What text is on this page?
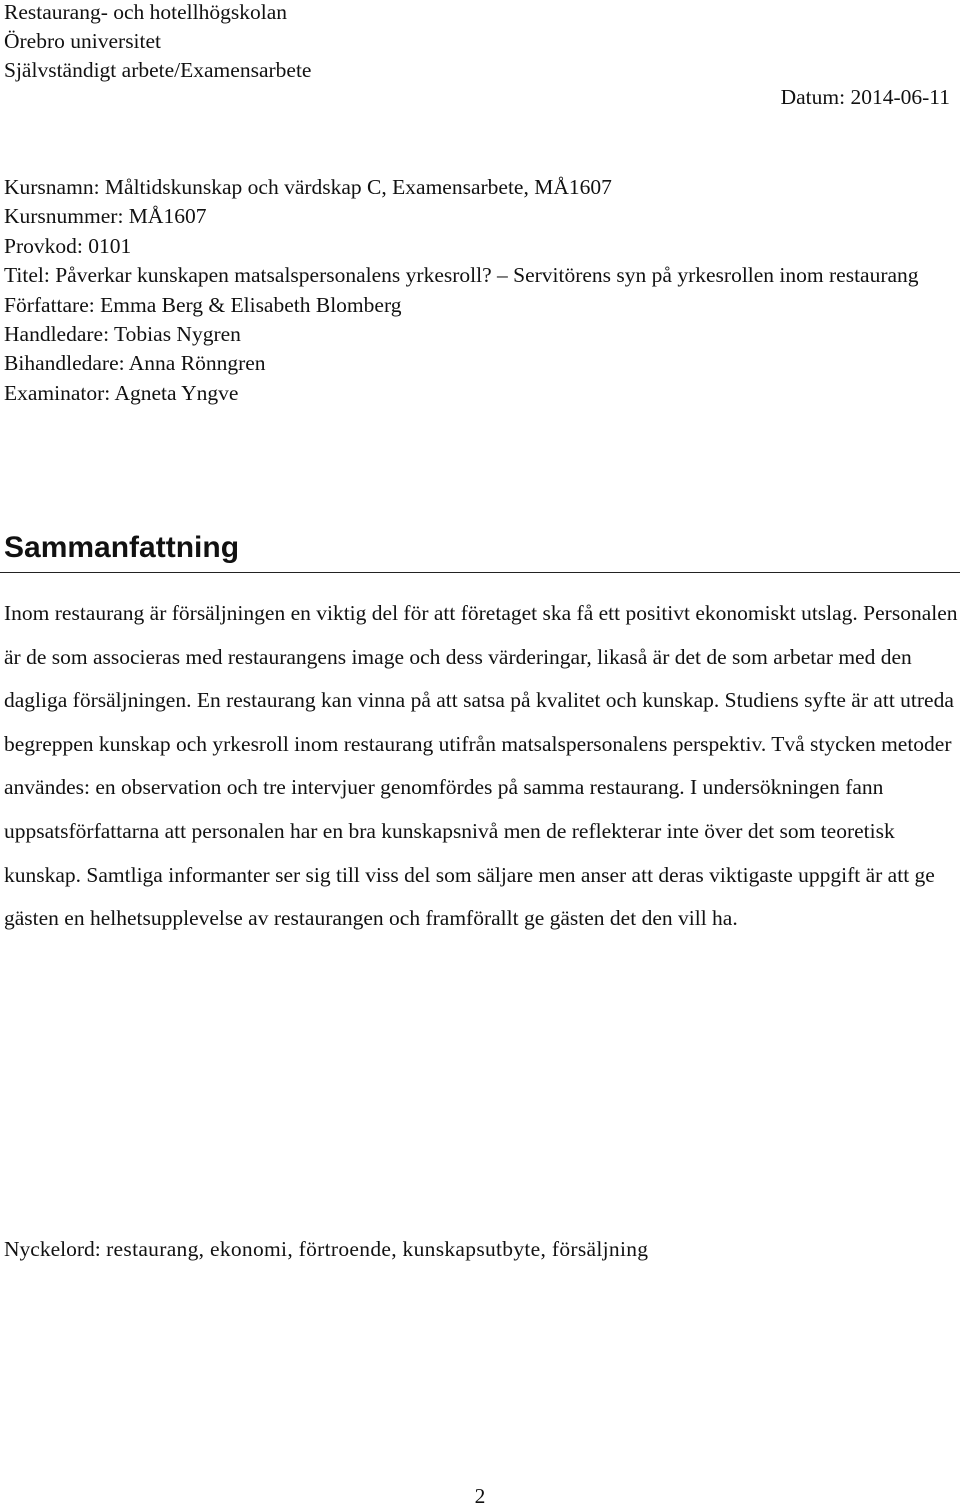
Restaurang- och hotellhögskolan
Örebro universitet
Självständigt arbete/Examensarbete
Datum: 2014-06-11
Kursnamn: Måltidskunskap och värdskap C, Examensarbete, MÅ1607
Kursnummer: MÅ1607
Provkod: 0101
Titel: Påverkar kunskapen matsalspersonalens yrkesroll? – Servitörens syn på yrkesrollen inom restaurang
Författare: Emma Berg & Elisabeth Blomberg
Handledare: Tobias Nygren
Bihandledare: Anna Rönngren
Examinator: Agneta Yngve
Sammanfattning

Inom restaurang är försäljningen en viktig del för att företaget ska få ett positivt ekonomiskt utslag. Personalen är de som associeras med restaurangens image och dess värderingar, likaså är det de som arbetar med den dagliga försäljningen. En restaurang kan vinna på att satsa på kvalitet och kunskap. Studiens syfte är att utreda begreppen kunskap och yrkesroll inom restaurang utifrån matsalspersonalens perspektiv. Två stycken metoder användes: en observation och tre intervjuer genomfördes på samma restaurang. I undersökningen fann uppsatsförfattarna att personalen har en bra kunskapsnivå men de reflekterar inte över det som teoretisk kunskap. Samtliga informanter ser sig till viss del som säljare men anser att deras viktigaste uppgift är att ge gästen en helhetsupplevelse av restaurangen och framförallt ge gästen det den vill ha.

Nyckelord: restaurang, ekonomi, förtroende, kunskapsutbyte, försäljning
2
